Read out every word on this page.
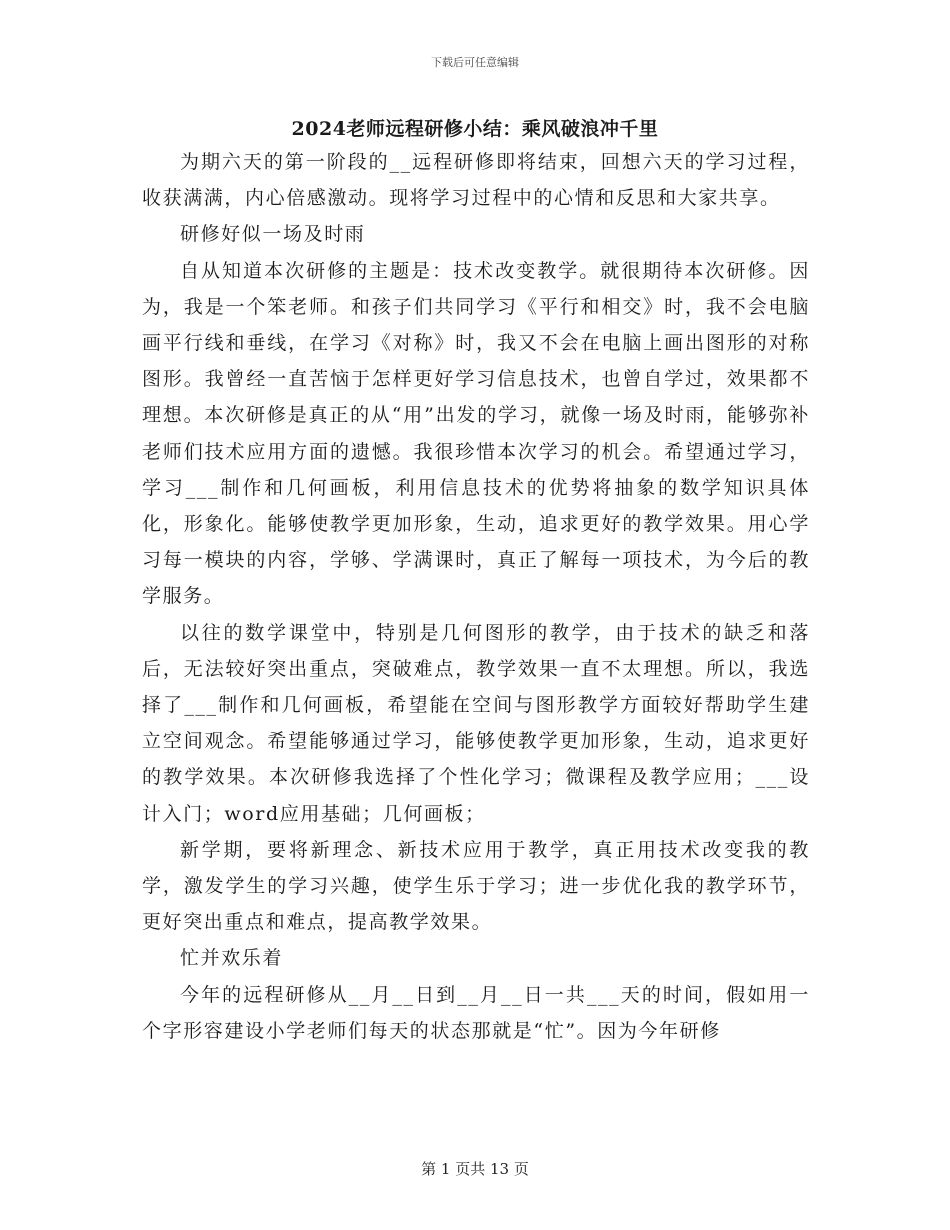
下载后可任意编辑
2024老师远程研修小结：乘风破浪冲千里

为期六天的第一阶段的__远程研修即将结束，回想六天的学习过程，收获满满，内心倍感激动。现将学习过程中的心情和反思和大家共享。

研修好似一场及时雨

自从知道本次研修的主题是：技术改变教学。就很期待本次研修。因为，我是一个笨老师。和孩子们共同学习《平行和相交》时，我不会电脑画平行线和垂线，在学习《对称》时，我又不会在电脑上画出图形的对称图形。我曾经一直苦恼于怎样更好学习信息技术，也曾自学过，效果都不理想。本次研修是真正的从“用”出发的学习，就像一场及时雨，能够弥补老师们技术应用方面的遗憾。我很珍惜本次学习的机会。希望通过学习，学习___制作和几何画板，利用信息技术的优势将抽象的数学知识具体化，形象化。能够使教学更加形象，生动，追求更好的教学效果。用心学习每一模块的内容，学够、学满课时，真正了解每一项技术，为今后的教学服务。

以往的数学课堂中，特别是几何图形的教学，由于技术的缺乏和落后，无法较好突出重点，突破难点，教学效果一直不太理想。所以，我选择了___制作和几何画板，希望能在空间与图形教学方面较好帮助学生建立空间观念。希望能够通过学习，能够使教学更加形象，生动，追求更好的教学效果。本次研修我选择了个性化学习；微课程及教学应用；___设计入门；word应用基础；几何画板；

新学期，要将新理念、新技术应用于教学，真正用技术改变我的教学，激发学生的学习兴趣，使学生乐于学习；进一步优化我的教学环节，更好突出重点和难点，提高教学效果。

忙并欢乐着

今年的远程研修从__月__日到__月__日一共___天的时间，假如用一个字形容建设小学老师们每天的状态那就是“忙”。因为今年研修

第 1 页共 13 页
